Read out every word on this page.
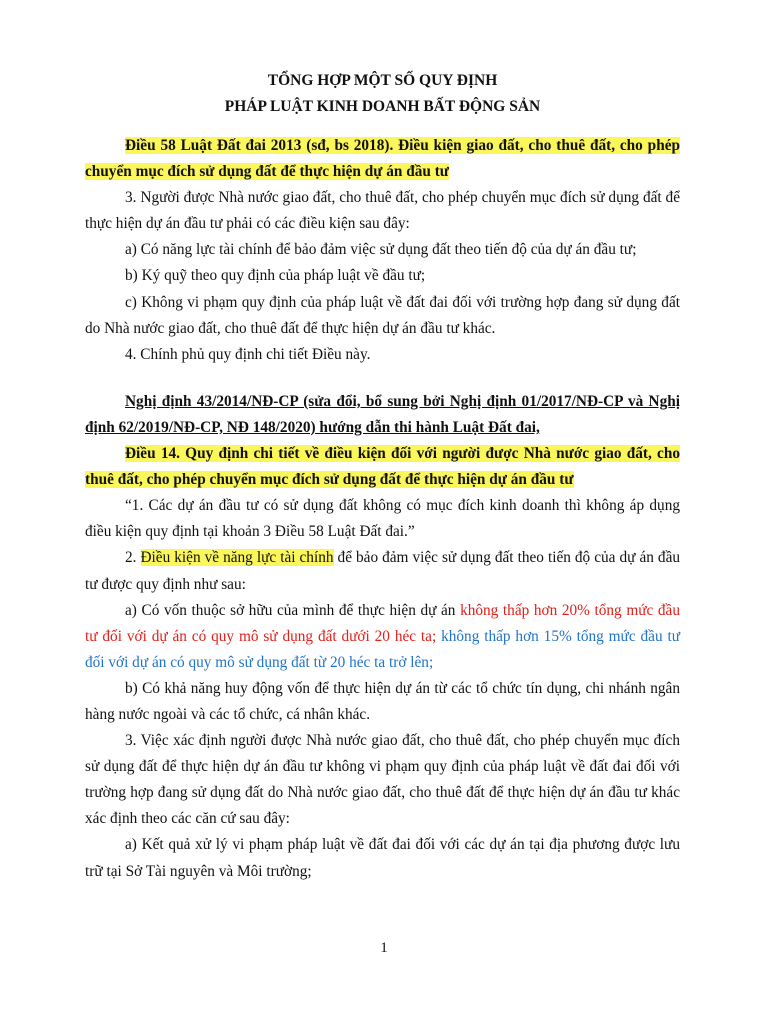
TỔNG HỢP MỘT SỐ QUY ĐỊNH
PHÁP LUẬT KINH DOANH BẤT ĐỘNG SẢN

Điều 58 Luật Đất đai 2013 (sđ, bs 2018). Điều kiện giao đất, cho thuê đất, cho phép chuyển mục đích sử dụng đất để thực hiện dự án đầu tư

3. Người được Nhà nước giao đất, cho thuê đất, cho phép chuyển mục đích sử dụng đất để thực hiện dự án đầu tư phải có các điều kiện sau đây:

a) Có năng lực tài chính để bảo đảm việc sử dụng đất theo tiến độ của dự án đầu tư;

b) Ký quỹ theo quy định của pháp luật về đầu tư;

c) Không vi phạm quy định của pháp luật về đất đai đối với trường hợp đang sử dụng đất do Nhà nước giao đất, cho thuê đất để thực hiện dự án đầu tư khác.

4. Chính phủ quy định chi tiết Điều này.

Nghị định 43/2014/NĐ-CP (sửa đổi, bổ sung bởi Nghị định 01/2017/NĐ-CP và Nghị định 62/2019/NĐ-CP, NĐ 148/2020) hướng dẫn thi hành Luật Đất đai,

Điều 14. Quy định chi tiết về điều kiện đối với người được Nhà nước giao đất, cho thuê đất, cho phép chuyển mục đích sử dụng đất để thực hiện dự án đầu tư

“1. Các dự án đầu tư có sử dụng đất không có mục đích kinh doanh thì không áp dụng điều kiện quy định tại khoản 3 Điều 58 Luật Đất đai.”

2. Điều kiện về năng lực tài chính để bảo đảm việc sử dụng đất theo tiến độ của dự án đầu tư được quy định như sau:

a) Có vốn thuộc sở hữu của mình để thực hiện dự án không thấp hơn 20% tổng mức đầu tư đối với dự án có quy mô sử dụng đất dưới 20 héc ta; không thấp hơn 15% tổng mức đầu tư đối với dự án có quy mô sử dụng đất từ 20 héc ta trở lên;

b) Có khả năng huy động vốn để thực hiện dự án từ các tổ chức tín dụng, chi nhánh ngân hàng nước ngoài và các tổ chức, cá nhân khác.

3. Việc xác định người được Nhà nước giao đất, cho thuê đất, cho phép chuyển mục đích sử dụng đất để thực hiện dự án đầu tư không vi phạm quy định của pháp luật về đất đai đối với trường hợp đang sử dụng đất do Nhà nước giao đất, cho thuê đất để thực hiện dự án đầu tư khác xác định theo các căn cứ sau đây:

a) Kết quả xử lý vi phạm pháp luật về đất đai đối với các dự án tại địa phương được lưu trữ tại Sở Tài nguyên và Môi trường;

1
